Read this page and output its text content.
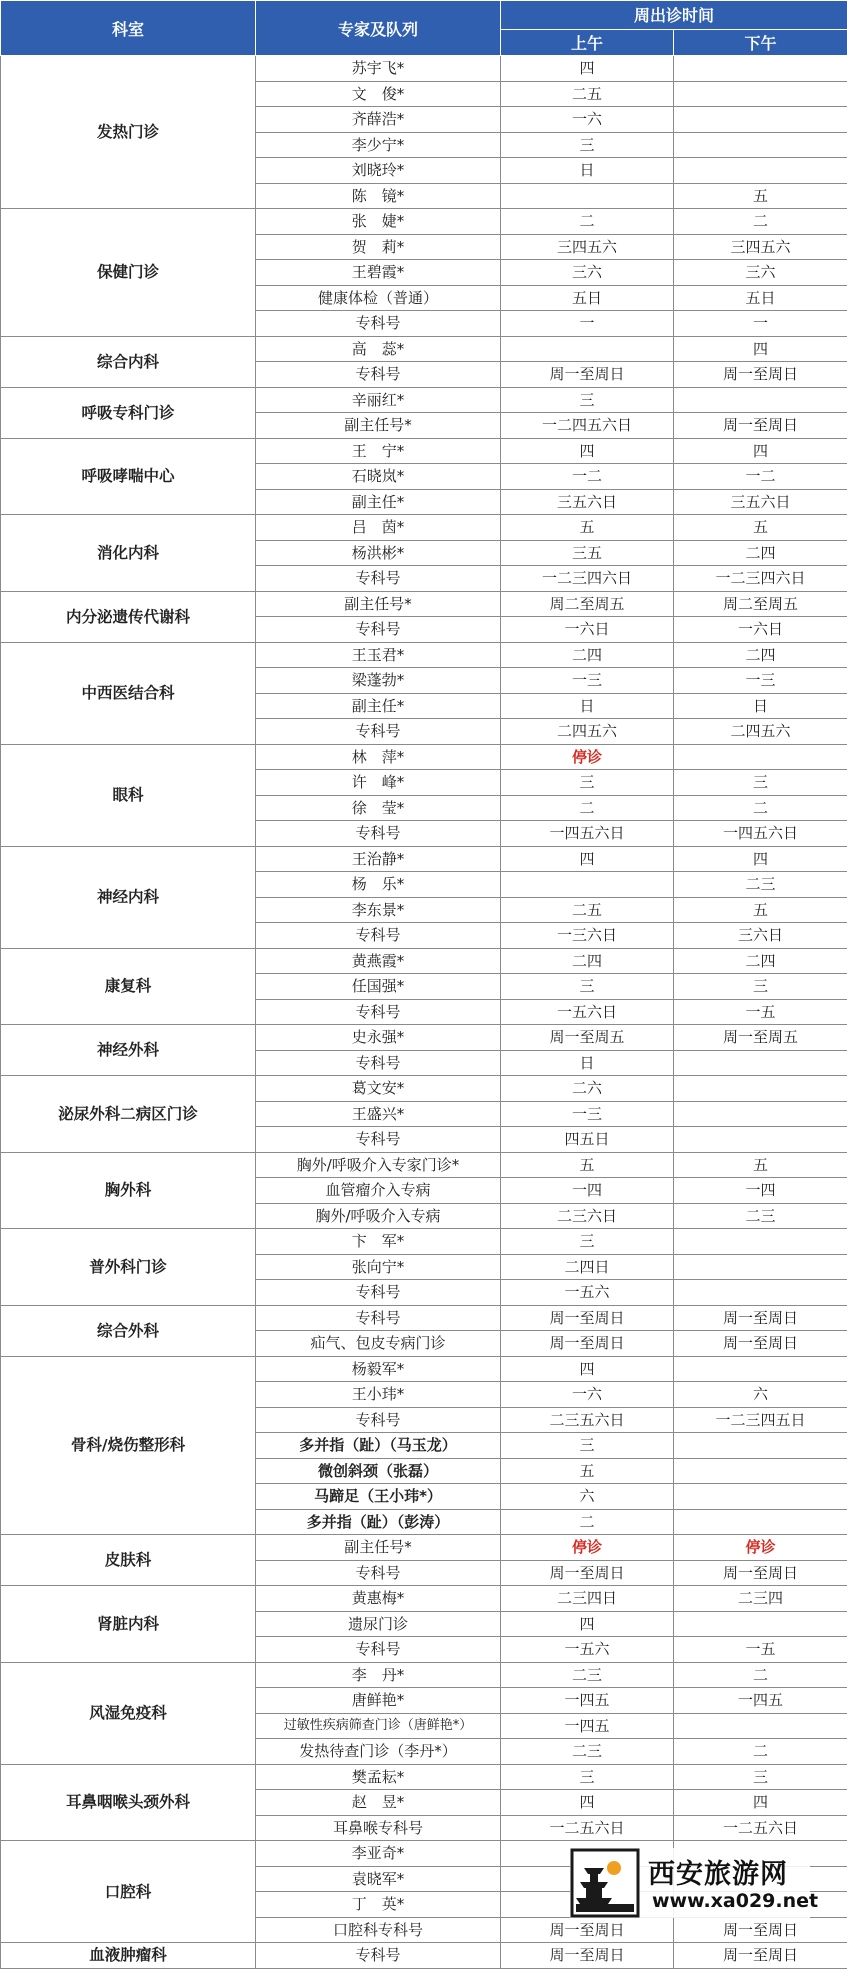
科室	专家及队列	周出诊时间	
		上午	下午
发热门诊	苏宇飞*	四	
	文　俊*	二五	
	齐薛浩*	一六	
	李少宁*	三	
	刘晓玲*	日	
	陈　镜*		五
保健门诊	张　婕*	二	二
	贺　莉*	三四五六	三四五六
	王碧霞*	三六	三六
	健康体检（普通）	五日	五日
	专科号	一	一
综合内科	高　蕊*		四
	专科号	周一至周日	周一至周日
呼吸专科门诊	辛丽红*	三	
	副主任号*	一二四五六日	周一至周日
呼吸哮喘中心	王　宁*	四	四
	石晓岚*	一二	一二
	副主任*	三五六日	三五六日
消化内科	吕　茵*	五	五
	杨洪彬*	三五	二四
	专科号	一二三四六日	一二三四六日
内分泌遗传代谢科	副主任号*	周二至周五	周二至周五
	专科号	一六日	一六日
中西医结合科	王玉君*	二四	二四
	梁蓬勃*	一三	一三
	副主任*	日	日
	专科号	二四五六	二四五六
眼科	林　萍*	停诊	
	许　峰*	三	三
	徐　莹*	二	二
	专科号	一四五六日	一四五六日
神经内科	王治静*	四	四
	杨　乐*		二三
	李东景*	二五	五
	专科号	一三六日	三六日
康复科	黄燕霞*	二四	二四
	任国强*	三	三
	专科号	一五六日	一五
神经外科	史永强*	周一至周五	周一至周五
	专科号	日	
泌尿外科二病区门诊	葛文安*	二六	
	王盛兴*	一三	
	专科号	四五日	
胸外科	胸外/呼吸介入专家门诊*	五	五
	血管瘤介入专病	一四	一四
	胸外/呼吸介入专病	二三六日	二三
普外科门诊	卞　军*	三	
	张向宁*	二四日	
	专科号	一五六	
综合外科	专科号	周一至周日	周一至周日
	疝气、包皮专病门诊	周一至周日	周一至周日
骨科/烧伤整形科	杨毅军*	四	
	王小玮*	一六	六
	专科号	二三五六日	一二三四五日
	多并指（趾）（马玉龙）	三	
	微创斜颈（张磊）	五	
	马蹄足（王小玮*）	六	
	多并指（趾）（彭涛）	二	
皮肤科	副主任号*	停诊	停诊
	专科号	周一至周日	周一至周日
肾脏内科	黄惠梅*	二三四日	二三四
	遗尿门诊	四	
	专科号	一五六	一五
风湿免疫科	李　丹*	二三	二
	唐鲜艳*	一四五	一四五
	过敏性疾病筛查门诊（唐鲜艳*）	一四五	
	发热待查门诊（李丹*）	二三	二
耳鼻咽喉头颈外科	樊孟耘*	三	三
	赵　昱*	四	四
	耳鼻喉专科号	一二五六日	一二五六日
口腔科	李亚奇*		
	袁晓军*		
	丁　英*		
	口腔科专科号	周一至周日	周一至周日
血液肿瘤科	专科号	周一至周日	周一至周日
西安旅游网
www.xa029.net
